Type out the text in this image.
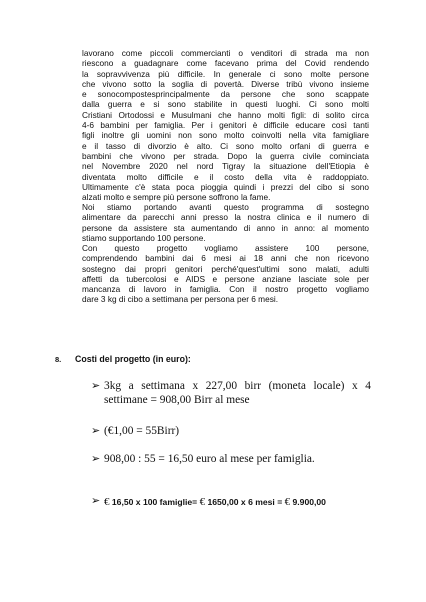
lavorano come piccoli commercianti o venditori di strada ma non
riescono a guadagnare come facevano prima del Covid rendendo
la sopravvivenza più difficile. In generale ci sono molte persone
che vivono sotto la soglia di povertà. Diverse tribù vivono insieme
e sonocompostesprincipalmente da persone che sono scappate
dalla guerra e si sono stabilite in questi luoghi. Ci sono molti
Cristiani Ortodossi e Musulmani che hanno molti figli: di solito circa
4-6 bambini per famiglia. Per i genitori è difficile educare così tanti
figli inoltre gli uomini non sono molto coinvolti nella vita famigliare
e il tasso di divorzio è alto. Ci sono molto orfani di guerra e
bambini che vivono per strada. Dopo la guerra civile cominciata
nel Novembre 2020 nel nord Tigray la situazione dell'Etiopia è
diventata molto difficile e il costo della vita è raddoppiato.
Ultimamente c'è stata poca pioggia quindi i prezzi del cibo si sono
alzati molto e sempre più persone soffrono la fame.
Noi stiamo portando avanti questo programma di sostegno
alimentare da parecchi anni presso la nostra clinica e il numero di
persone da assistere sta aumentando di anno in anno: al momento
stiamo supportando 100 persone.
Con questo progetto vogliamo assistere 100 persone,
comprendendo bambini dai 6 mesi ai 18 anni che non ricevono
sostegno dai propri genitori perché'quest'ultimi sono malati, adulti
affetti da tubercolosi e AIDS e persone anziane lasciate sole per
mancanza di lavoro in famiglia. Con il nostro progetto vogliamo
dare 3 kg di cibo a settimana per persona per 6 mesi.
8. Costi del progetto (in euro):
➢ 3kg a settimana x 227,00 birr (moneta locale) x 4
settimane = 908,00 Birr al mese
➢ (€1,00 = 55Birr)
➢ 908,00 : 55 = 16,50 euro al mese per famiglia.
➢ € 16,50 x 100 famiglie= € 1650,00 x 6 mesi = € 9.900,00
